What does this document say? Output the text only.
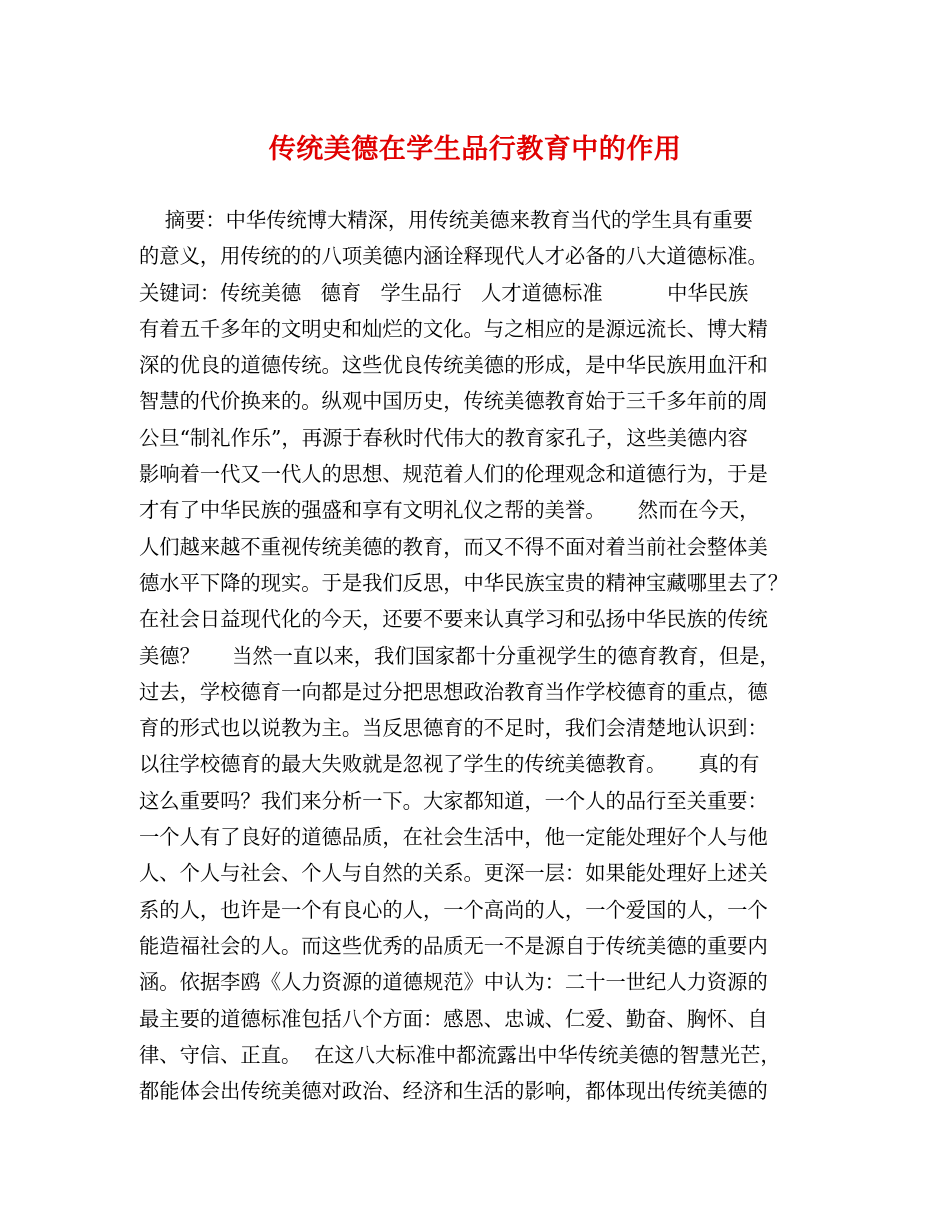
传统美德在学生品行教育中的作用
摘要：中华传统博大精深，用传统美德来教育当代的学生具有重要
的意义，用传统的的八项美德内涵诠释现代人才必备的八大道德标准。
关键词：传统美德   德育   学生品行   人才道德标准          中华民族
有着五千多年的文明史和灿烂的文化。与之相应的是源远流长、博大精
深的优良的道德传统。这些优良传统美德的形成，是中华民族用血汗和
智慧的代价换来的。纵观中国历史，传统美德教育始于三千多年前的周
公旦“制礼作乐”，再源于春秋时代伟大的教育家孔子，这些美德内容
影响着一代又一代人的思想、规范着人们的伦理观念和道德行为，于是
才有了中华民族的强盛和享有文明礼仪之帮的美誉。     然而在今天，
人们越来越不重视传统美德的教育，而又不得不面对着当前社会整体美
德水平下降的现实。于是我们反思，中华民族宝贵的精神宝藏哪里去了？
在社会日益现代化的今天，还要不要来认真学习和弘扬中华民族的传统
美德？     当然一直以来，我们国家都十分重视学生的德育教育，但是，
过去，学校德育一向都是过分把思想政治教育当作学校德育的重点，德
育的形式也以说教为主。当反思德育的不足时，我们会清楚地认识到：
以往学校德育的最大失败就是忽视了学生的传统美德教育。     真的有
这么重要吗？我们来分析一下。大家都知道，一个人的品行至关重要：
一个人有了良好的道德品质，在社会生活中，他一定能处理好个人与他
人、个人与社会、个人与自然的关系。更深一层：如果能处理好上述关
系的人，也许是一个有良心的人，一个高尚的人，一个爱国的人，一个
能造福社会的人。而这些优秀的品质无一不是源自于传统美德的重要内
涵。依据李鸥《人力资源的道德规范》中认为：二十一世纪人力资源的
最主要的道德标准包括八个方面：感恩、忠诚、仁爱、勤奋、胸怀、自
律、守信、正直。  在这八大标准中都流露出中华传统美德的智慧光芒，
都能体会出传统美德对政治、经济和生活的影响，都体现出传统美德的
